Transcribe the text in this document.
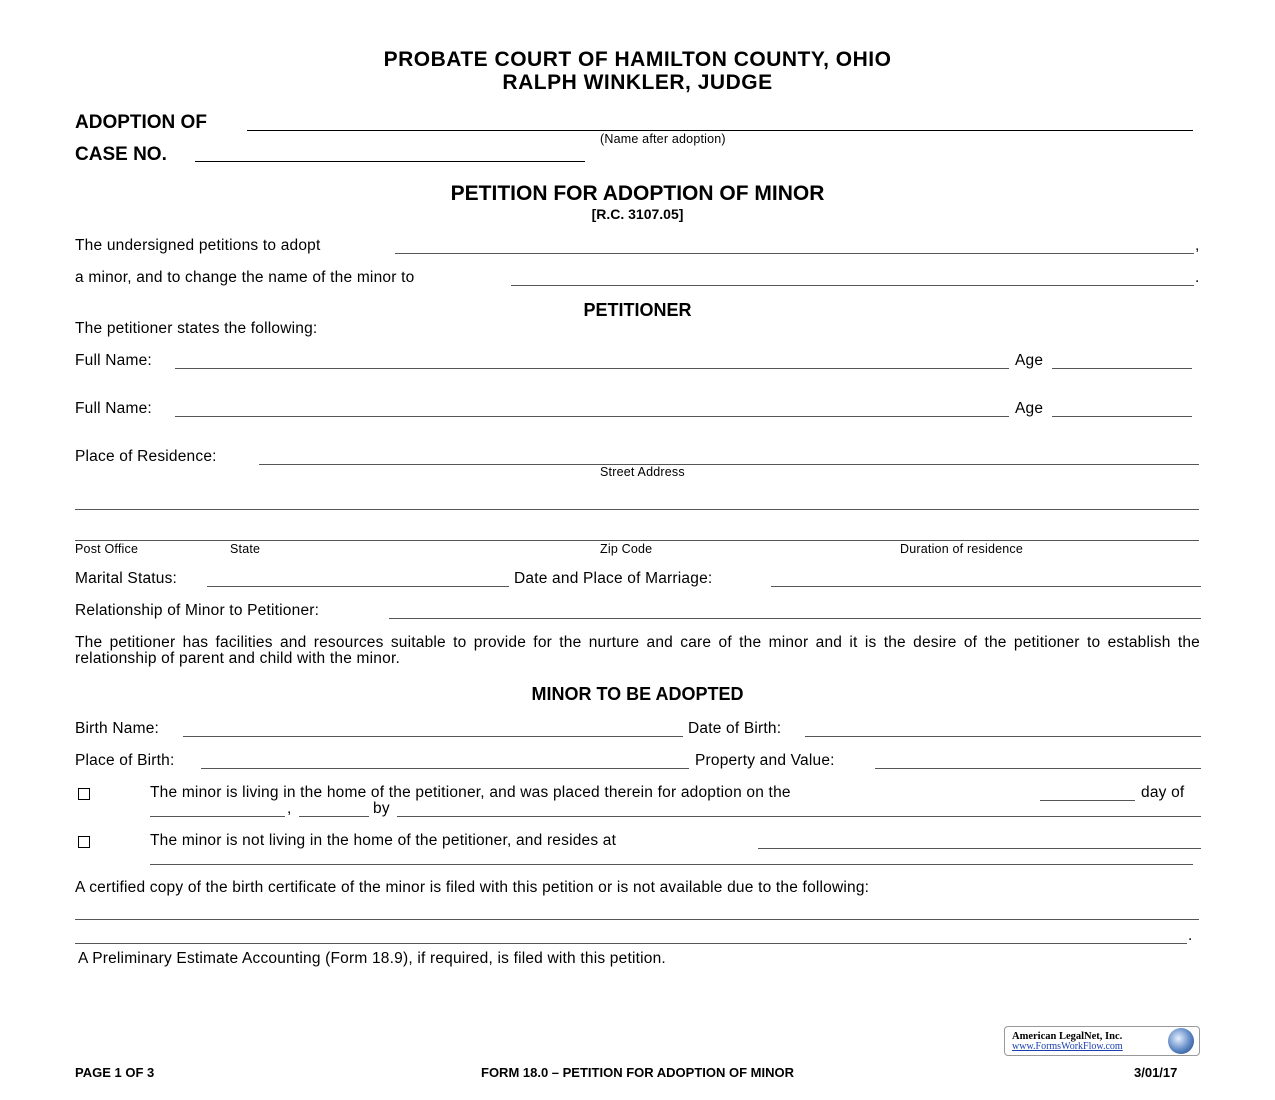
PROBATE COURT OF HAMILTON COUNTY, OHIO
RALPH WINKLER, JUDGE
ADOPTION OF
(Name after adoption)
CASE NO.
PETITION FOR ADOPTION OF MINOR
[R.C. 3107.05]
The undersigned petitions to adopt	,
a minor, and to change the name of the minor to	.
PETITIONER
The petitioner states the following:
Full Name:	Age
Full Name:	Age
Place of Residence:
Street Address
Post Office	State	Zip Code	Duration of residence
Marital Status:	Date and Place of Marriage:
Relationship of Minor to Petitioner:
The petitioner has facilities and resources suitable to provide for the nurture and care of the minor and it is the desire of the petitioner to establish the relationship of parent and child with the minor.
MINOR TO BE ADOPTED
Birth Name:	Date of Birth:
Place of Birth:	Property and Value:
The minor is living in the home of the petitioner, and was placed therein for adoption on the	day of
,	by
The minor is not living in the home of the petitioner, and resides at
A certified copy of the birth certificate of the minor is filed with this petition or is not available due to the following:
.
A Preliminary Estimate Accounting (Form 18.9), if required, is filed with this petition.
American LegalNet, Inc.
www.FormsWorkFlow.com
PAGE 1 OF 3	FORM 18.0 – PETITION FOR ADOPTION OF MINOR	3/01/17
